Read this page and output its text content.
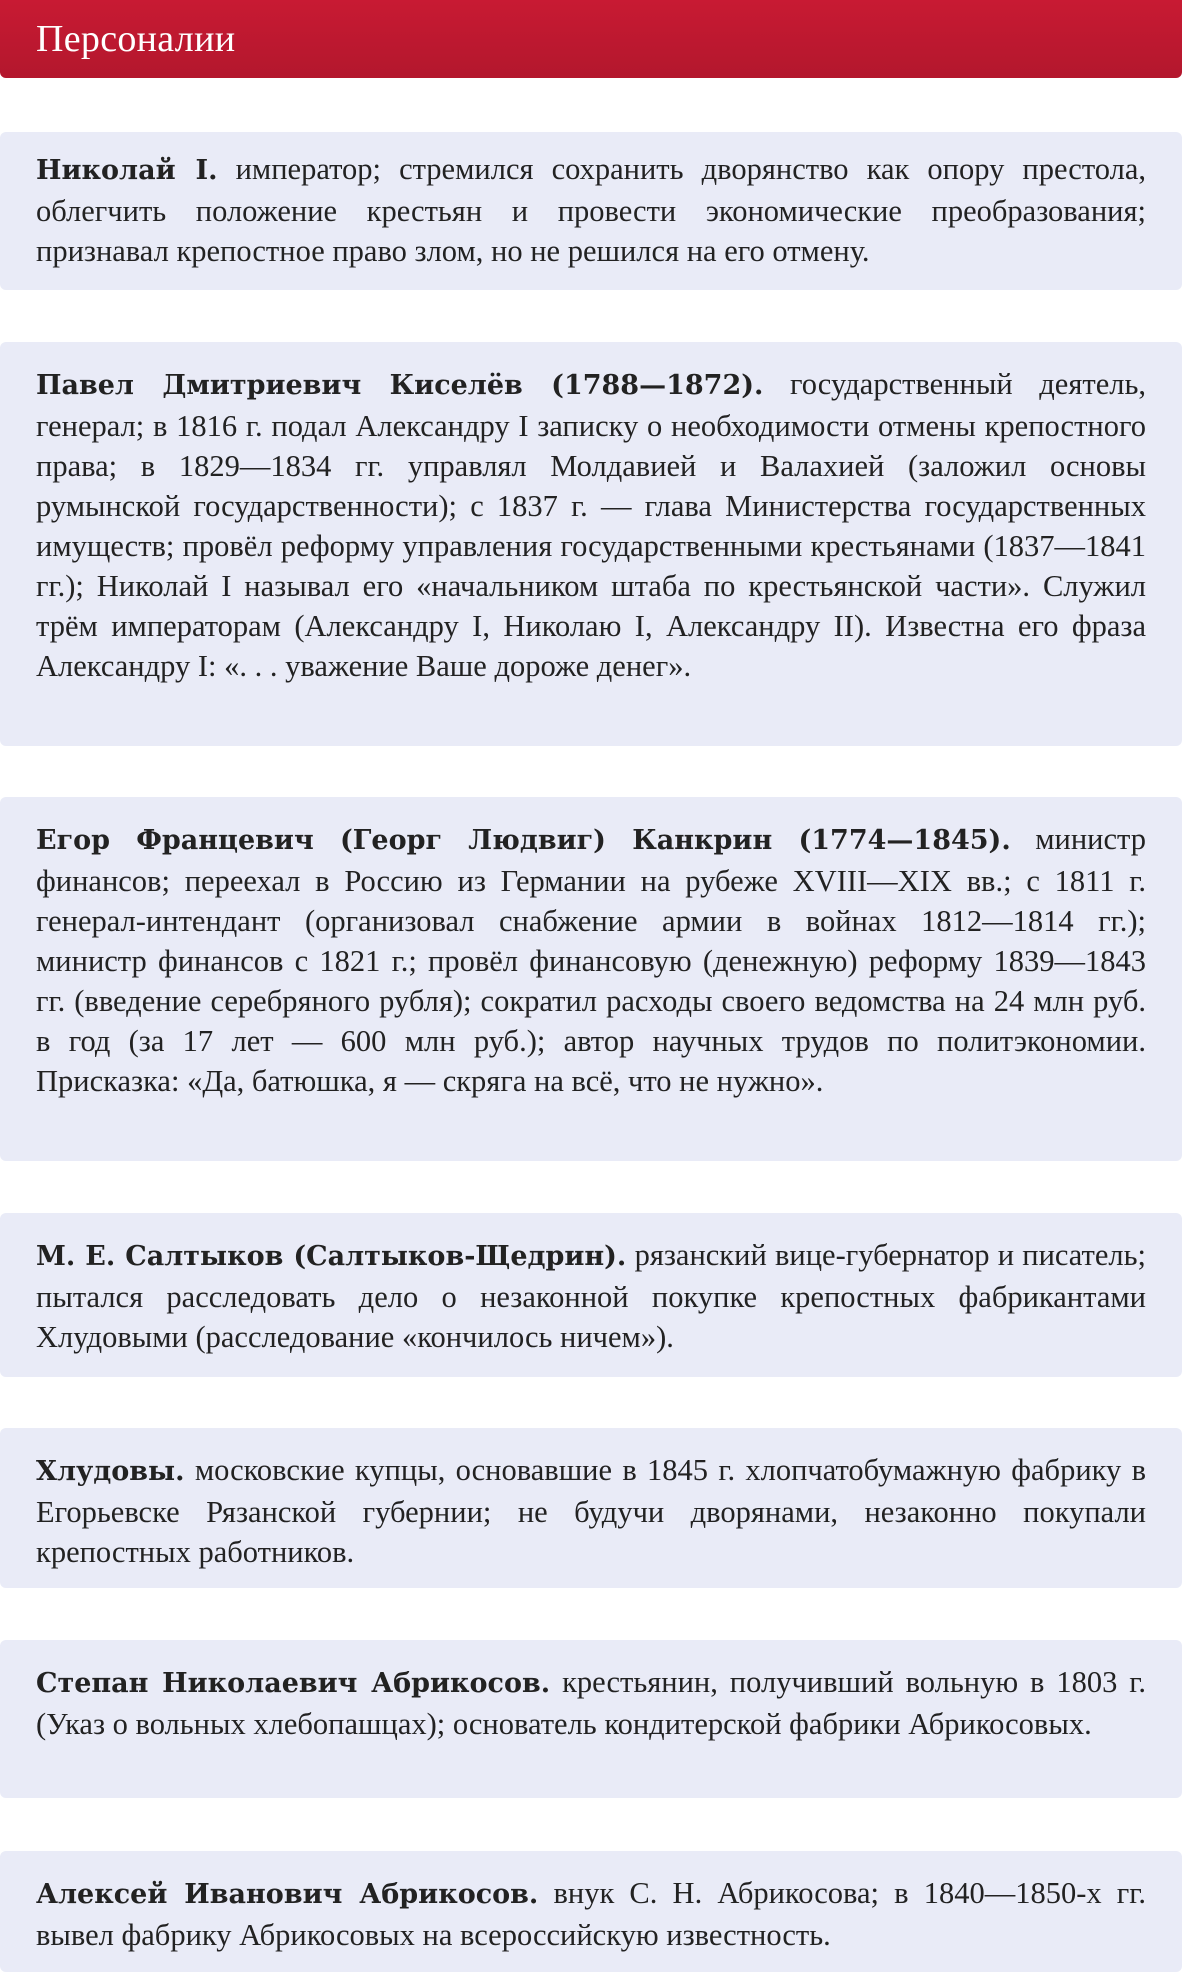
Персоналии

Николай I. император; стремился сохранить дворянство как опору престола, облегчить положение крестьян и провести экономические преобразования; признавал крепостное право злом, но не решился на его отмену.

Павел Дмитриевич Киселёв (1788—1872). государственный деятель, генерал; в 1816 г. подал Александру I записку о необходимости отмены крепостного права; в 1829—1834 гг. управлял Молдавией и Валахией (заложил основы румынской государственности); с 1837 г. — глава Министерства государственных имуществ; провёл реформу управления государственными крестьянами (1837—1841 гг.); Николай I называл его «начальником штаба по крестьянской части». Служил трём императорам (Александру I, Николаю I, Александру II). Известна его фраза Александру I: «. . . уважение Ваше дороже денег».

Егор Францевич (Георг Людвиг) Канкрин (1774—1845). министр финансов; переехал в Россию из Германии на рубеже XVIII—XIX вв.; с 1811 г. генерал-интендант (организовал снабжение армии в войнах 1812—1814 гг.); министр финансов с 1821 г.; провёл финансовую (денежную) реформу 1839—1843 гг. (введение серебряного рубля); сократил расходы своего ведомства на 24 млн руб. в год (за 17 лет — 600 млн руб.); автор научных трудов по политэкономии. Присказка: «Да, батюшка, я — скряга на всё, что не нужно».

М. Е. Салтыков (Салтыков-Щедрин). рязанский вице-губернатор и писатель; пытался расследовать дело о незаконной покупке крепостных фабрикантами Хлудовыми (расследование «кончилось ничем»).

Хлудовы. московские купцы, основавшие в 1845 г. хлопчатобумажную фабрику в Егорьевске Рязанской губернии; не будучи дворянами, незаконно покупали крепостных работников.

Степан Николаевич Абрикосов. крестьянин, получивший вольную в 1803 г. (Указ о вольных хлебопашцах); основатель кондитерской фабрики Абрикосовых.

Алексей Иванович Абрикосов. внук С. Н. Абрикосова; в 1840—1850-х гг. вывел фабрику Абрикосовых на всероссийскую известность.
